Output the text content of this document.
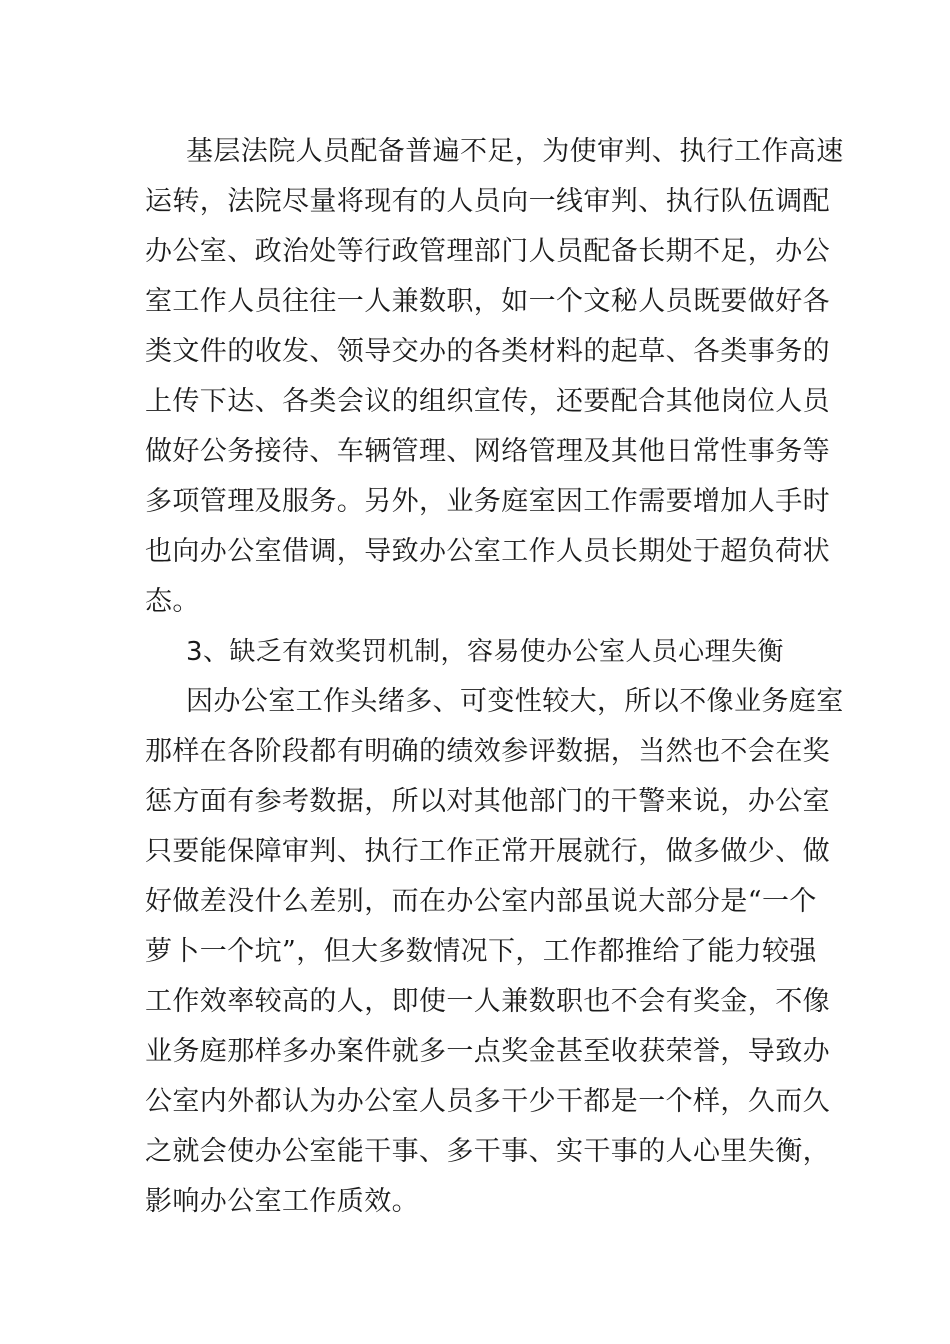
基层法院人员配备普遍不足，为使审判、执行工作高速
运转，法院尽量将现有的人员向一线审判、执行队伍调配
办公室、政治处等行政管理部门人员配备长期不足，办公
室工作人员往往一人兼数职，如一个文秘人员既要做好各
类文件的收发、领导交办的各类材料的起草、各类事务的
上传下达、各类会议的组织宣传，还要配合其他岗位人员
做好公务接待、车辆管理、网络管理及其他日常性事务等
多项管理及服务。另外，业务庭室因工作需要增加人手时
也向办公室借调，导致办公室工作人员长期处于超负荷状
态。
3、缺乏有效奖罚机制，容易使办公室人员心理失衡
因办公室工作头绪多、可变性较大，所以不像业务庭室
那样在各阶段都有明确的绩效参评数据，当然也不会在奖
惩方面有参考数据，所以对其他部门的干警来说，办公室
只要能保障审判、执行工作正常开展就行，做多做少、做
好做差没什么差别，而在办公室内部虽说大部分是“一个
萝卜一个坑”，但大多数情况下，工作都推给了能力较强
工作效率较高的人，即使一人兼数职也不会有奖金，不像
业务庭那样多办案件就多一点奖金甚至收获荣誉，导致办
公室内外都认为办公室人员多干少干都是一个样，久而久
之就会使办公室能干事、多干事、实干事的人心里失衡，
影响办公室工作质效。
